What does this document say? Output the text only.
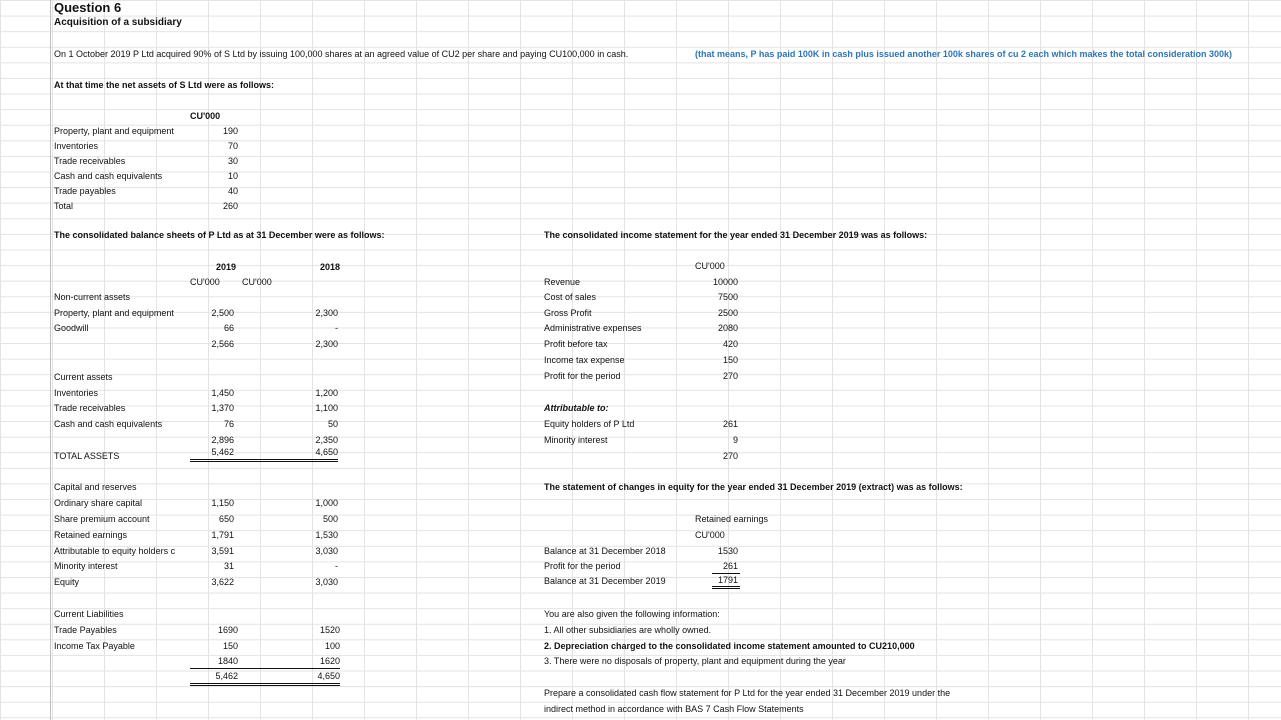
Question 6
Acquisition of a subsidiary
On 1 October 2019 P Ltd acquired 90% of S Ltd by issuing 100,000 shares at an agreed value of CU2 per share and paying CU100,000 in cash.	(that means, P has paid 100K in cash plus issued another 100k shares of cu 2 each which makes the total consideration 300k)
At that time the net assets of S Ltd were as follows:
CU'000
Property, plant and equipment	190
Inventories	70
Trade receivables	30
Cash and cash equivalents	10
Trade payables	40
Total	260
The consolidated balance sheets of P Ltd as at 31 December were as follows:
2019	2018
CU'000 CU'000
Non-current assets
Property, plant and equipment	2,500	2,300
Goodwill	66	-
2,566	2,300
Current assets
Inventories	1,450	1,200
Trade receivables	1,370	1,100
Cash and cash equivalents	76	50
2,896	2,350
TOTAL ASSETS	5,462	4,650
Capital and reserves
Ordinary share capital	1,150	1,000
Share premium account	650	500
Retained earnings	1,791	1,530
Attributable to equity holders c	3,591	3,030
Minority interest	31	-
Equity	3,622	3,030
Current Liabilities
Trade Payables	1690	1520
Income Tax Payable	150	100
1840	1620
5,462	4,650
The consolidated income statement for the year ended 31 December 2019 was as follows:
CU'000
Revenue	10000
Cost of sales	7500
Gross Profit	2500
Administrative expenses	2080
Profit before tax	420
Income tax expense	150
Profit for the period	270
Attributable to:
Equity holders of P Ltd	261
Minority interest	9
270
The statement of changes in equity for the year ended 31 December 2019 (extract) was as follows:
Retained earnings
CU'000
Balance at 31 December 2018	1530
Profit for the period	261
Balance at 31 December 2019	1791
You are also given the following information:
1. All other subsidiaries are wholly owned.
2. Depreciation charged to the consolidated income statement amounted to CU210,000
3. There were no disposals of property, plant and equipment during the year
Prepare a consolidated cash flow statement for P Ltd for the year ended 31 December 2019 under the
indirect method in accordance with BAS 7 Cash Flow Statements
